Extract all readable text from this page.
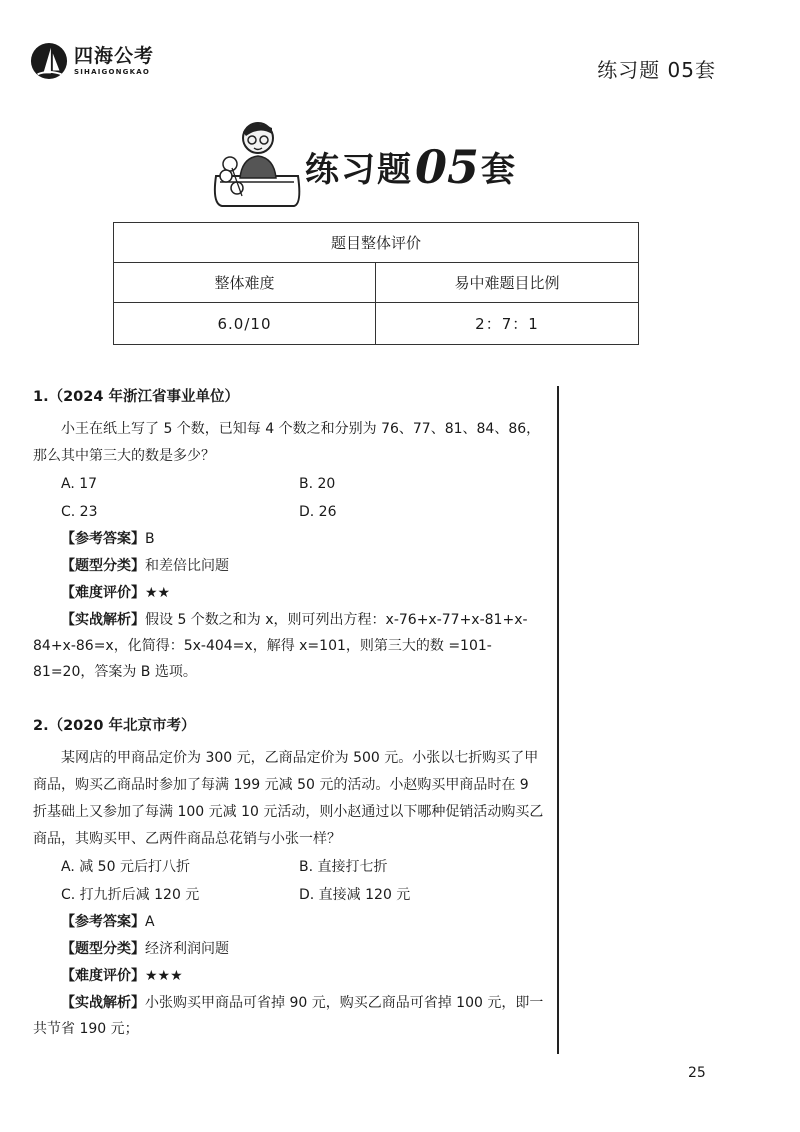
四海公考
SIHAIGONGKAO	练习题 05套
练习题 05 套
题目整体评价	
整体难度	易中难题目比例
6.0/10	2：7：1
1.（2024 年浙江省事业单位）
小王在纸上写了 5 个数，已知每 4 个数之和分别为 76、77、81、84、86，那么其中第三大的数是多少？
A. 17	B. 20
C. 23	D. 26
【参考答案】B
【题型分类】和差倍比问题
【难度评价】★★
【实战解析】假设 5 个数之和为 x，则可列出方程：x-76+x-77+x-81+x-84+x-86=x，化简得：5x-404=x，解得 x=101，则第三大的数 =101-81=20，答案为 B 选项。
2.（2020 年北京市考）
某网店的甲商品定价为 300 元，乙商品定价为 500 元。小张以七折购买了甲商品，购买乙商品时参加了每满 199 元减 50 元的活动。小赵购买甲商品时在 9 折基础上又参加了每满 100 元减 10 元活动，则小赵通过以下哪种促销活动购买乙商品，其购买甲、乙两件商品总花销与小张一样？
A. 减 50 元后打八折	B. 直接打七折
C. 打九折后减 120 元	D. 直接减 120 元
【参考答案】A
【题型分类】经济利润问题
【难度评价】★★★
【实战解析】小张购买甲商品可省掉 90 元，购买乙商品可省掉 100 元，即一共节省 190 元；
25
